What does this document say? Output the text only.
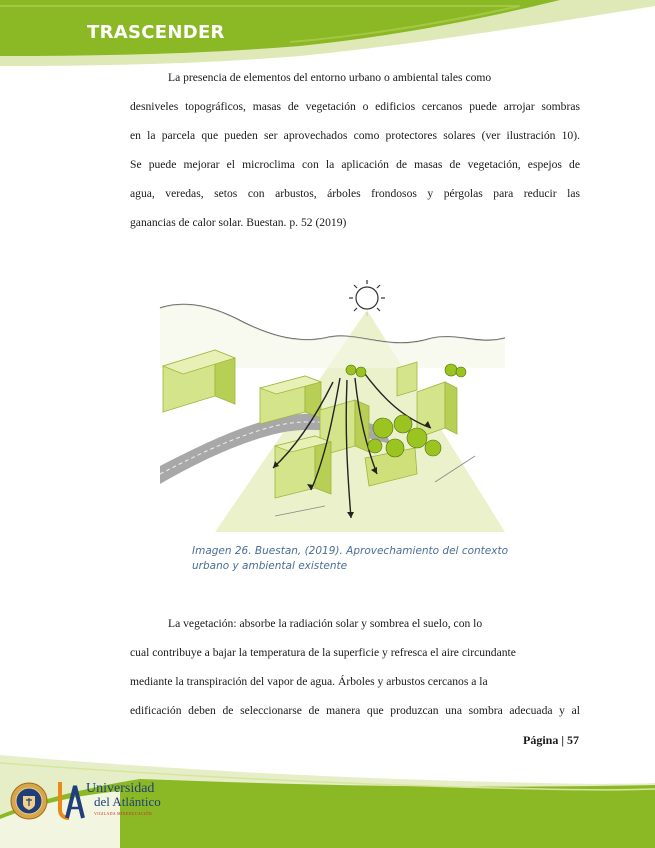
TRASCENDER
La presencia de elementos del entorno urbano o ambiental tales como
desniveles topográficos, masas de vegetación o edificios cercanos puede arrojar sombras
en la parcela que pueden ser aprovechados como protectores solares (ver ilustración 10).
Se puede mejorar el microclima con la aplicación de masas de vegetación, espejos de
agua, veredas, setos con arbustos, árboles frondosos y pérgolas para reducir las
ganancias de calor solar. Buestan. p. 52 (2019)
Imagen 26. Buestan, (2019). Aprovechamiento del contexto
urbano y ambiental existente
La vegetación: absorbe la radiación solar y sombrea el suelo, con lo
cual contribuye a bajar la temperatura de la superficie y refresca el aire circundante
mediante la transpiración del vapor de agua. Árboles y arbustos cercanos a la
edificación deben de seleccionarse de manera que produzcan una sombra adecuada y al
Página | 57
Universidad
del Atlántico
VIGILADA MINEDUCACIÓN
